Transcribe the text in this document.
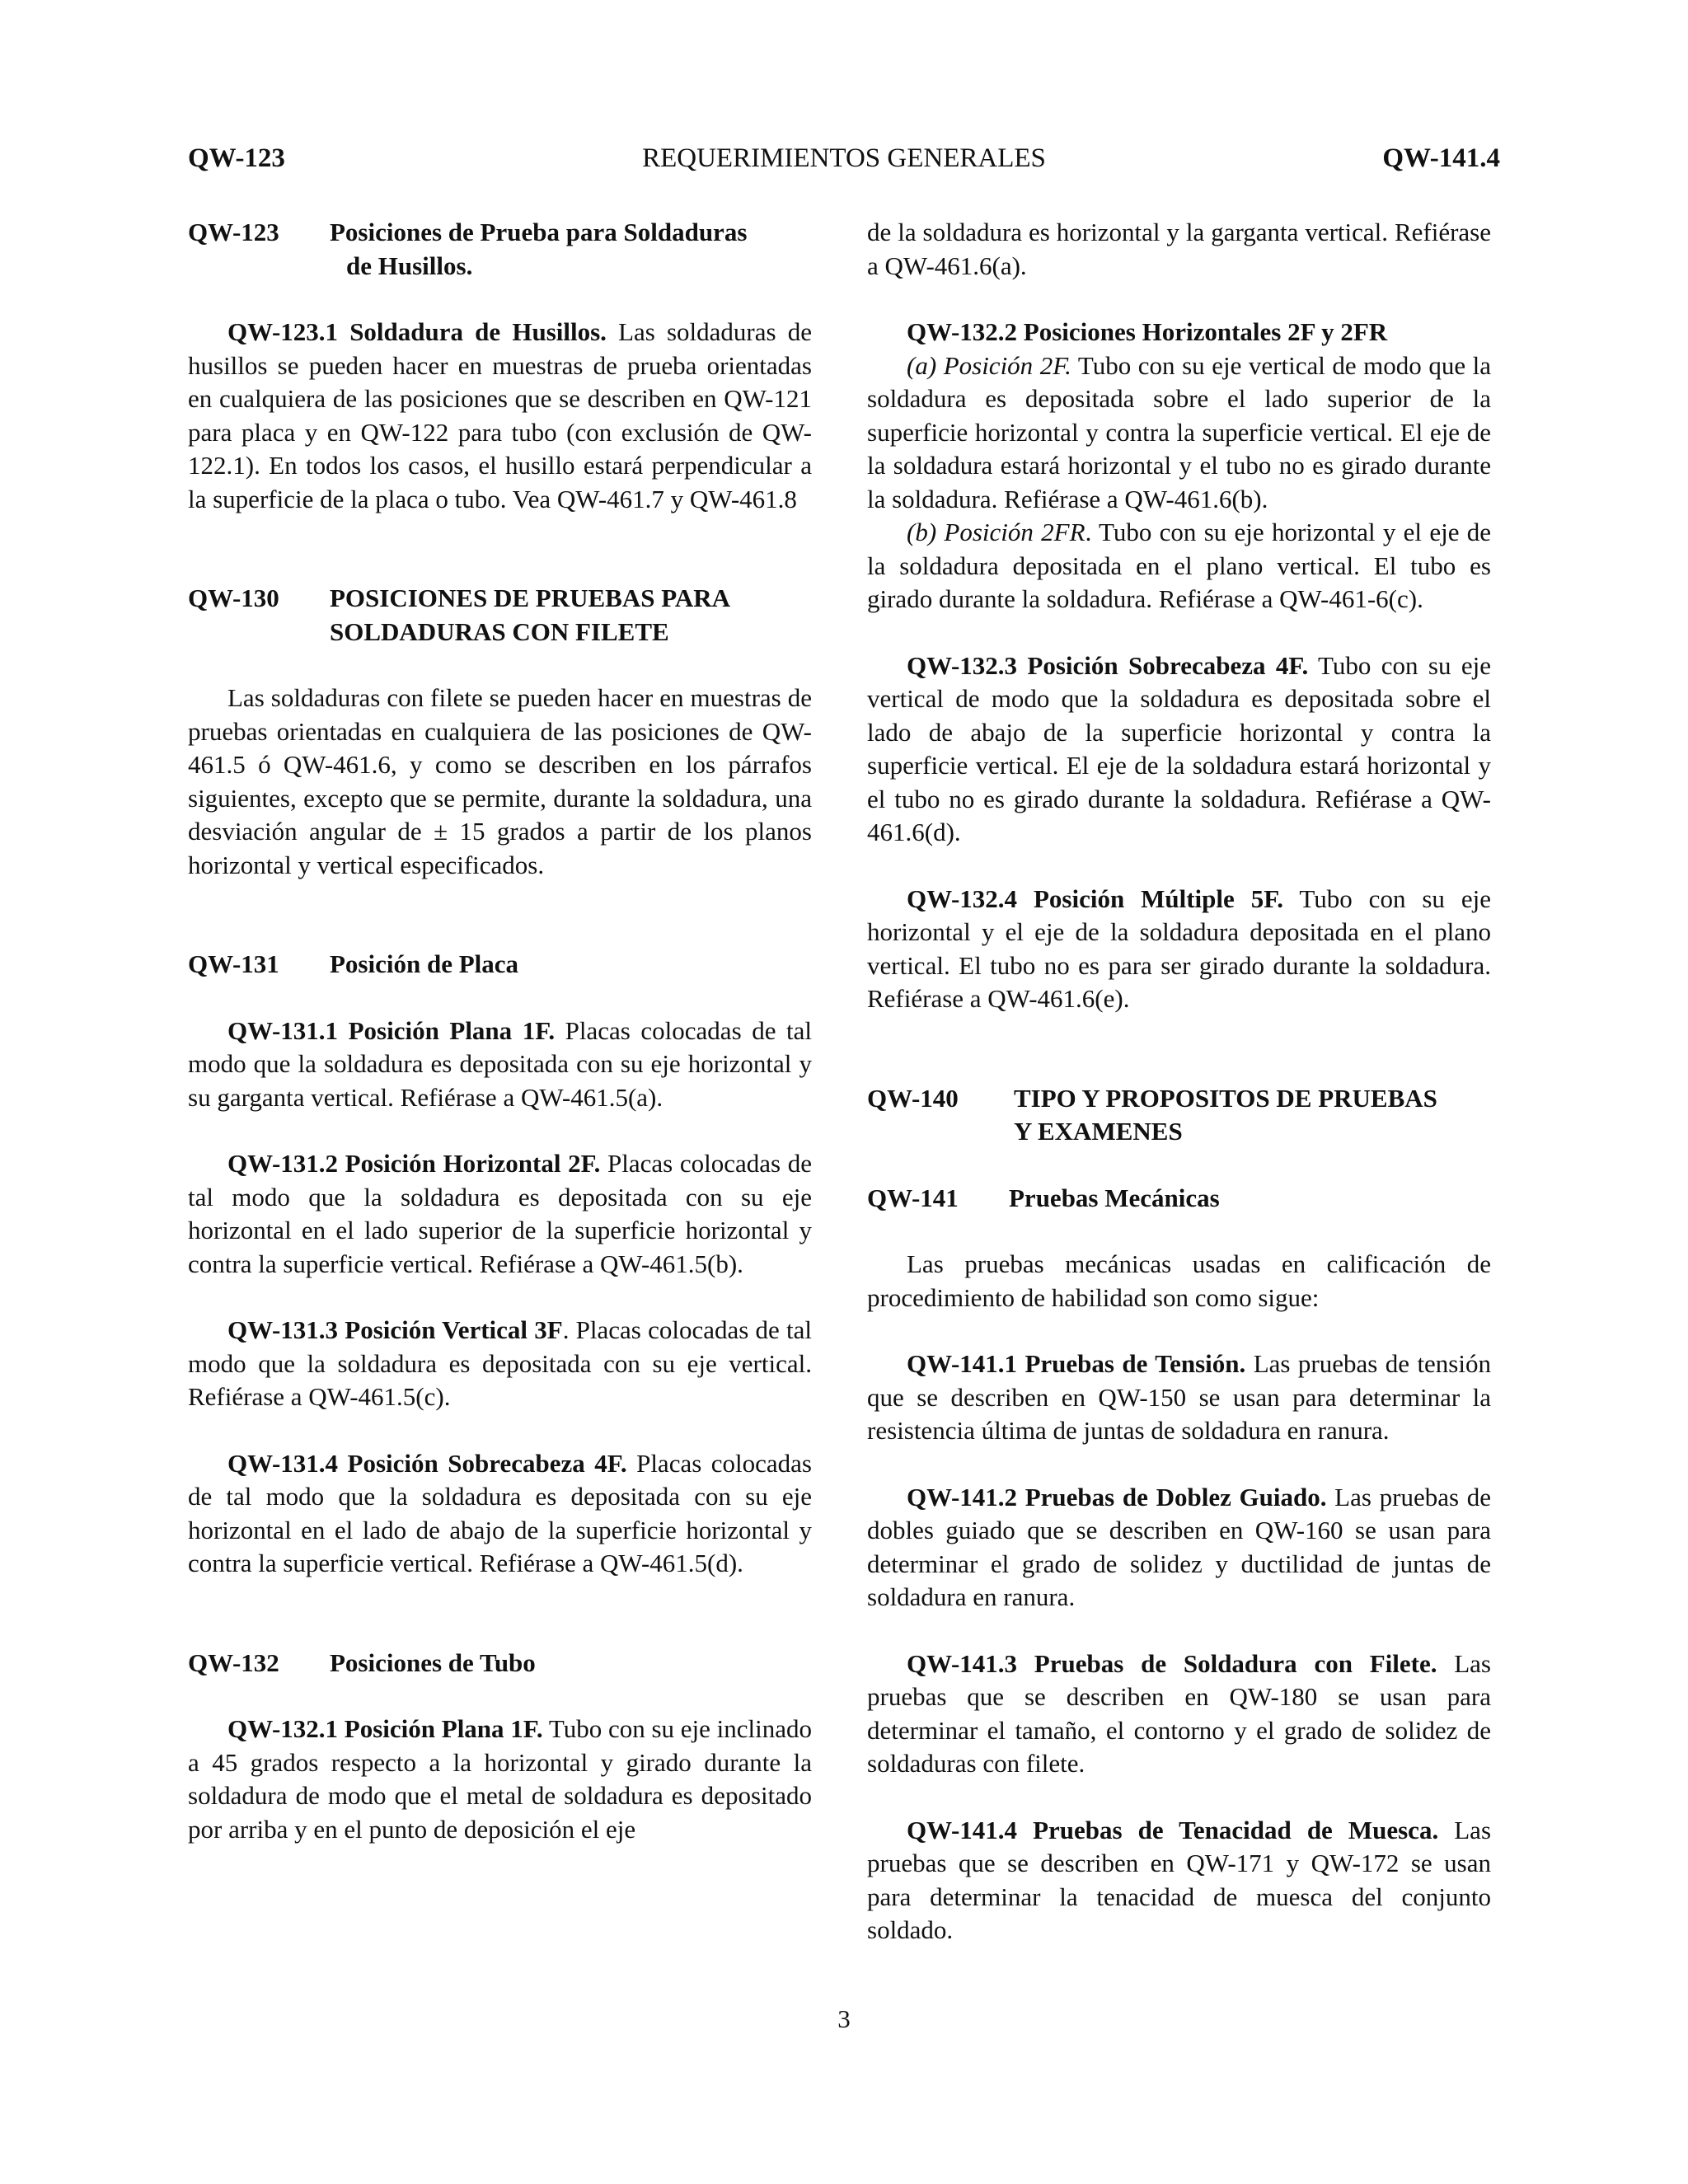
QW-123	REQUERIMIENTOS GENERALES	QW-141.4
QW-123	Posiciones de Prueba para Soldaduras
de Husillos.

QW-123.1 Soldadura de Husillos. Las soldaduras de husillos se pueden hacer en muestras de prueba orientadas en cualquiera de las posiciones que se describen en QW-121 para placa y en QW-122 para tubo (con exclusión de QW-122.1). En todos los casos, el husillo estará perpendicular a la superficie de la placa o tubo. Vea QW-461.7 y QW-461.8

QW-130	POSICIONES DE PRUEBAS PARA
SOLDADURAS CON FILETE

Las soldaduras con filete se pueden hacer en muestras de pruebas orientadas en cualquiera de las posiciones de QW-461.5 ó QW-461.6, y como se describen en los párrafos siguientes, excepto que se permite, durante la soldadura, una desviación angular de ± 15 grados a partir de los planos horizontal y vertical especificados.

QW-131	Posición de Placa

QW-131.1 Posición Plana 1F. Placas colocadas de tal modo que la soldadura es depositada con su eje horizontal y su garganta vertical. Refiérase a QW-461.5(a).

QW-131.2 Posición Horizontal 2F. Placas colocadas de tal modo que la soldadura es depositada con su eje horizontal en el lado superior de la superficie horizontal y contra la superficie vertical. Refiérase a QW-461.5(b).

QW-131.3 Posición Vertical 3F. Placas colocadas de tal modo que la soldadura es depositada con su eje vertical. Refiérase a QW-461.5(c).

QW-131.4 Posición Sobrecabeza 4F. Placas colocadas de tal modo que la soldadura es depositada con su eje horizontal en el lado de abajo de la superficie horizontal y contra la superficie vertical. Refiérase a QW-461.5(d).

QW-132	Posiciones de Tubo

QW-132.1 Posición Plana 1F. Tubo con su eje inclinado a 45 grados respecto a la horizontal y girado durante la soldadura de modo que el metal de soldadura es depositado por arriba y en el punto de deposición el eje

de la soldadura es horizontal y la garganta vertical. Refiérase a QW-461.6(a).

QW-132.2 Posiciones Horizontales 2F y 2FR

(a) Posición 2F. Tubo con su eje vertical de modo que la soldadura es depositada sobre el lado superior de la superficie horizontal y contra la superficie vertical. El eje de la soldadura estará horizontal y el tubo no es girado durante la soldadura. Refiérase a QW-461.6(b).

(b) Posición 2FR. Tubo con su eje horizontal y el eje de la soldadura depositada en el plano vertical. El tubo es girado durante la soldadura. Refiérase a QW-461-6(c).

QW-132.3 Posición Sobrecabeza 4F. Tubo con su eje vertical de modo que la soldadura es depositada sobre el lado de abajo de la superficie horizontal y contra la superficie vertical. El eje de la soldadura estará horizontal y el tubo no es girado durante la soldadura. Refiérase a QW-461.6(d).

QW-132.4 Posición Múltiple 5F. Tubo con su eje horizontal y el eje de la soldadura depositada en el plano vertical. El tubo no es para ser girado durante la soldadura. Refiérase a QW-461.6(e).

QW-140	TIPO Y PROPOSITOS DE PRUEBAS
Y EXAMENES
QW-141	Pruebas Mecánicas

Las pruebas mecánicas usadas en calificación de procedimiento de habilidad son como sigue:

QW-141.1 Pruebas de Tensión. Las pruebas de tensión que se describen en QW-150 se usan para determinar la resistencia última de juntas de soldadura en ranura.

QW-141.2 Pruebas de Doblez Guiado. Las pruebas de dobles guiado que se describen en QW-160 se usan para determinar el grado de solidez y ductilidad de juntas de soldadura en ranura.

QW-141.3 Pruebas de Soldadura con Filete. Las pruebas que se describen en QW-180 se usan para determinar el tamaño, el contorno y el grado de solidez de soldaduras con filete.

QW-141.4 Pruebas de Tenacidad de Muesca. Las pruebas que se describen en QW-171 y QW-172 se usan para determinar la tenacidad de muesca del conjunto soldado.

3
